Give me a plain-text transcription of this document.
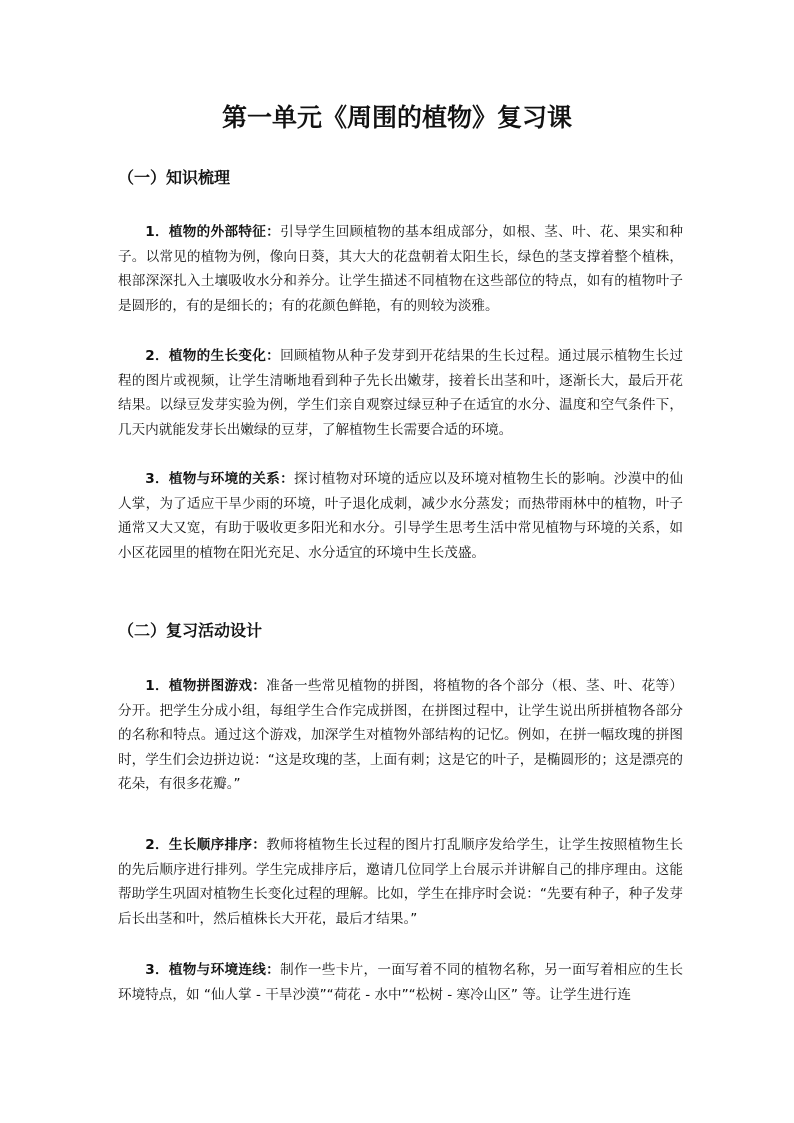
第一单元《周围的植物》复习课
（一）知识梳理

1．植物的外部特征：引导学生回顾植物的基本组成部分，如根、茎、叶、花、果实和种子。以常见的植物为例，像向日葵，其大大的花盘朝着太阳生长，绿色的茎支撑着整个植株，根部深深扎入土壤吸收水分和养分。让学生描述不同植物在这些部位的特点，如有的植物叶子是圆形的，有的是细长的；有的花颜色鲜艳，有的则较为淡雅。

2．植物的生长变化：回顾植物从种子发芽到开花结果的生长过程。通过展示植物生长过程的图片或视频，让学生清晰地看到种子先长出嫩芽，接着长出茎和叶，逐渐长大，最后开花结果。以绿豆发芽实验为例，学生们亲自观察过绿豆种子在适宜的水分、温度和空气条件下，几天内就能发芽长出嫩绿的豆芽，了解植物生长需要合适的环境。

3．植物与环境的关系：探讨植物对环境的适应以及环境对植物生长的影响。沙漠中的仙人掌，为了适应干旱少雨的环境，叶子退化成刺，减少水分蒸发；而热带雨林中的植物，叶子通常又大又宽，有助于吸收更多阳光和水分。引导学生思考生活中常见植物与环境的关系，如小区花园里的植物在阳光充足、水分适宜的环境中生长茂盛。

（二）复习活动设计

1．植物拼图游戏：准备一些常见植物的拼图，将植物的各个部分（根、茎、叶、花等）分开。把学生分成小组，每组学生合作完成拼图，在拼图过程中，让学生说出所拼植物各部分的名称和特点。通过这个游戏，加深学生对植物外部结构的记忆。例如，在拼一幅玫瑰的拼图时，学生们会边拼边说：“这是玫瑰的茎，上面有刺；这是它的叶子，是椭圆形的；这是漂亮的花朵，有很多花瓣。”

2．生长顺序排序：教师将植物生长过程的图片打乱顺序发给学生，让学生按照植物生长的先后顺序进行排列。学生完成排序后，邀请几位同学上台展示并讲解自己的排序理由。这能帮助学生巩固对植物生长变化过程的理解。比如，学生在排序时会说：“先要有种子，种子发芽后长出茎和叶，然后植株长大开花，最后才结果。”

3．植物与环境连线：制作一些卡片，一面写着不同的植物名称，另一面写着相应的生长环境特点，如 “仙人掌 - 干旱沙漠”“荷花 - 水中”“松树 - 寒冷山区” 等。让学生进行连
